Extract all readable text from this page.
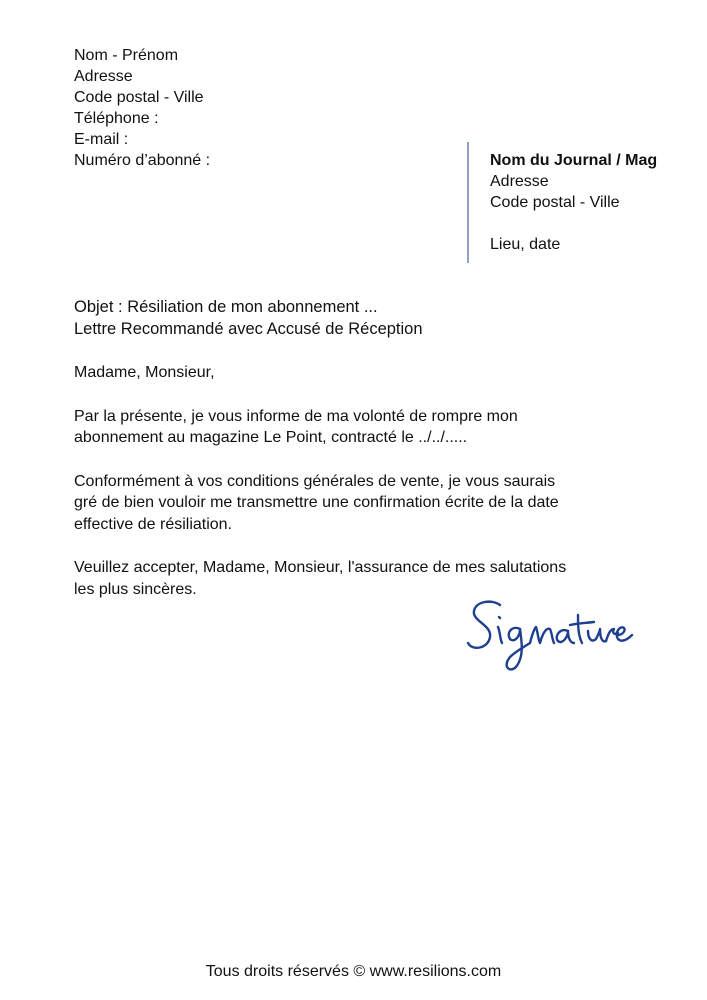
Nom - Prénom
Adresse
Code postal - Ville
Téléphone :
E-mail :
Numéro d’abonné :	Nom du Journal / Mag
Adresse
Code postal - Ville
Lieu, date
Objet : Résiliation de mon abonnement ...
Lettre Recommandé avec Accusé de Réception

Madame, Monsieur,

Par la présente, je vous informe de ma volonté de rompre mon
abonnement au magazine Le Point, contracté le ../../.....

Conformément à vos conditions générales de vente, je vous saurais
gré de bien vouloir me transmettre une confirmation écrite de la date
effective de résiliation.

Veuillez accepter, Madame, Monsieur, l'assurance de mes salutations
les plus sincères.

Tous droits réservés © www.resilions.com
